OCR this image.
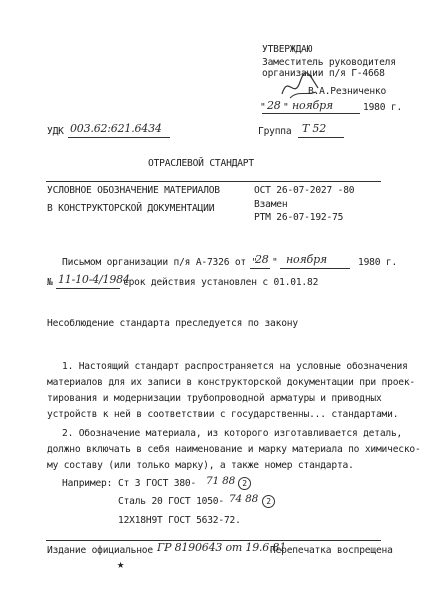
УТВЕРЖДАЮ
Заместитель руководителя
организации п/я Г-4668
В.А.Резниченко
" 28 " ноября	1980 г.
Группа Т 52
УДК 003.62:621.6434
ОТРАСЛЕВОЙ СТАНДАРТ
УСЛОВНОЕ ОБОЗНАЧЕНИЕ МАТЕРИАЛОВ
В КОНСТРУКТОРСКОЙ ДОКУМЕНТАЦИИ
ОСТ 26-07-2027 -80
Взамен
РТМ 26-07-192-75
Письмом организации п/я А-7326 от "
28 " ноября	1980 г.
№ 11-10-4/1984
срок действия установлен с 01.01.82
Несоблюдение стандарта преследуется по закону
1. Настоящий стандарт распространяется на условные обозначения
материалов для их записи в конструкторской документации при проек-
тирования и модернизации трубопроводной арматуры и приводных
устройств к ней в соответствии с государственны... стандартами.
2. Обозначение материала, из которого изготавливается деталь,
должно включать в себя наименование и марку материала по химическо-
му составу (или только марку), а также номер стандарта.
Например: Ст 3 ГОСТ 380- 71 88 2
Сталь 20 ГОСТ 1050- 74 88	2
12Х18Н9Т ГОСТ 5632-72.
Издание официальное ГР 8190643 от 19.6.81
Перепечатка воспрещена
★
